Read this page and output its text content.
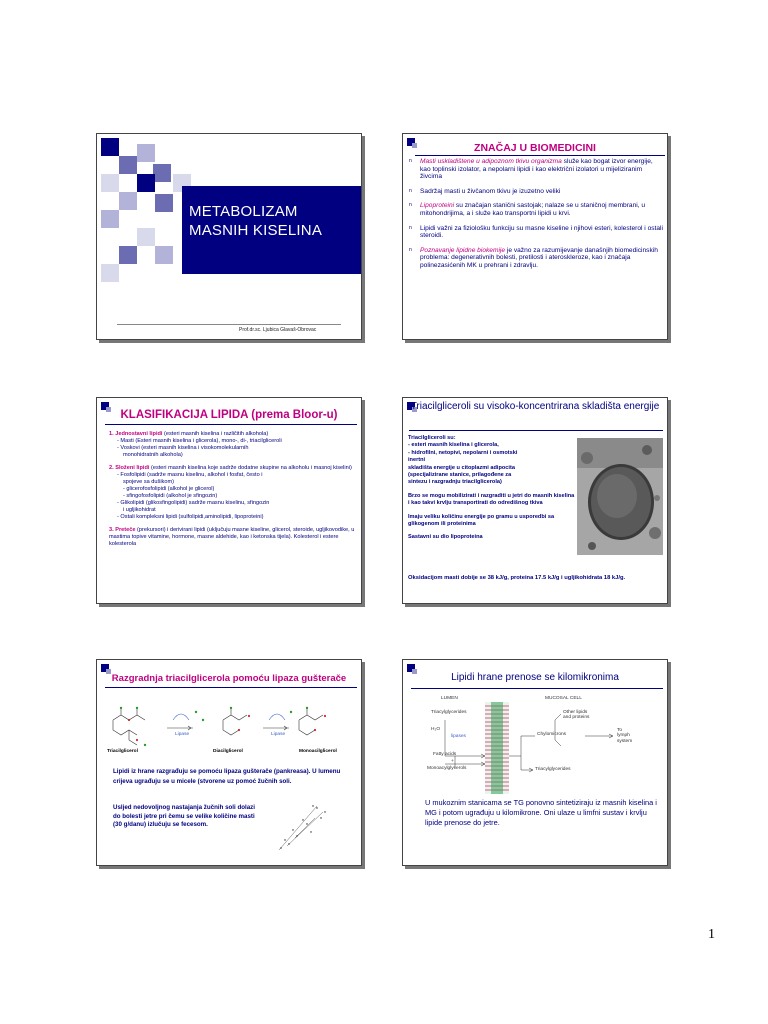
METABOLIZAM
MASNIH KISELINA
Prof.dr.sc. Ljubica Glavaš-Obrovac
ZNAČAJ U BIOMEDICINI
n Masti uskladištene u adipoznom tkivu organizma služe kao bogat izvor energije, kao toplinski izolator, a nepolarni lipidi i kao električni izolatori u mijeliziranim živcima
n Sadržaj masti u živčanom tkivu je izuzetno veliki
n Lipoproteini su značajan stanični sastojak; nalaze se u staničnoj membrani, u mitohondrijima, a i služe kao transportni lipidi u krvi.
n Lipidi važni za fiziološku funkciju su masne kiseline i njihovi esteri, kolesterol i ostali steroidi.
n Poznavanje lipidne biokemije je važno za razumijevanje današnjih biomedicinskih problema: degenerativnih bolesti, pretilosti i ateroskleroze, kao i značaja polinezasićenih MK u prehrani i zdravlju.
KLASIFIKACIJA LIPIDA (prema Bloor-u)
1. Jednostavni lipidi (esteri masnih kiselina i različitih alkohola)
- Masti (Esteri masnih kiselina i glicerola), mono-, di-, triacilgliceroli
- Voskovi (esteri masnih kiselina i visokomolekularnih
monohidratnih alkohola)
2. Složeni lipidi (esteri masnih kiselina koje sadrže dodatne skupine na alkoholu i masnoj kiselini)
- Fosfolipidi (sadrže masnu kiselinu, alkohol i fosfat, često i
spojeve sa dušikom)
- glicerofosfolipidi (alkohol je glicerol)
- sfingofosfolipidi (alkohol je sfingozin)
- Glikolipidi (glikosfingolipidi) sadrže masnu kiselinu, sfingozin
i ugljikohidrat
- Ostali kompleksni lipidi (sulfolipidi,aminolipidi, lipoproteini)
3. Preteče (prekursori) i derivirani lipidi (uključuju masne kiseline, glicerol, steroide, ugljikovodike, u mastima topive vitamine, hormone, masne aldehide, kao i ketonska tijela). Kolesterol i estere kolesterola
Triacilgliceroli su visoko-koncentrirana skladišta energije

Triacilgliceroli su:
- esteri masnih kiselina i glicerola,
- hidrofilni, netopivi, nepolarni i osmotski
inertni
skladišta energije u citoplazmi adipocita
(specijalizirane stanice, prilagođene za
sintezu i razgradnju triacilglicerola)

Brzo se mogu mobilizirati i razgraditi u jetri do masnih kiselina i kao takvi krvlju transportirati do odredišnog tkiva

Imaju veliku količinu energije po gramu u usporedbi sa glikogenom ili proteinima

Sastavni su dio lipoproteina

Oksidacijom masti dobije se 38 kJ/g, proteina 17.5 kJ/g i ugljikohidrata 18 kJ/g.
Razgradnja triacilglicerola pomoću lipaza gušterače
Lipase	Lipase
Triacilglicerol	Diacilglicerol	Monoacilglicerol
Lipidi iz hrane razgrađuju se pomoću lipaza gušterače (pankreasa). U lumenu crijeva ugrađuju se u micele (stvorene uz pomoć žučnih soli.
Usljed nedovoljnog nastajanja žučnih soli dolazi do bolesti jetre pri čemu se velike količine masti (30 g/danu) izlučuju se fecesom.
Lipidi hrane prenose se kilomikronima
LUMEN	MUCOSAL CELL
Triacylglycerides
H₂O
lipases
Fatty acids
+
Monoacylglycerols
Other lipids
and proteins
Chylomicrons
To
lymph
system
Triacylglycerides
U mukoznim stanicama se TG ponovno sintetiziraju iz masnih kiselina i MG i potom ugrađuju u kilomikrone. Oni ulaze u limfni sustav i krvlju lipide prenose do jetre.
1
